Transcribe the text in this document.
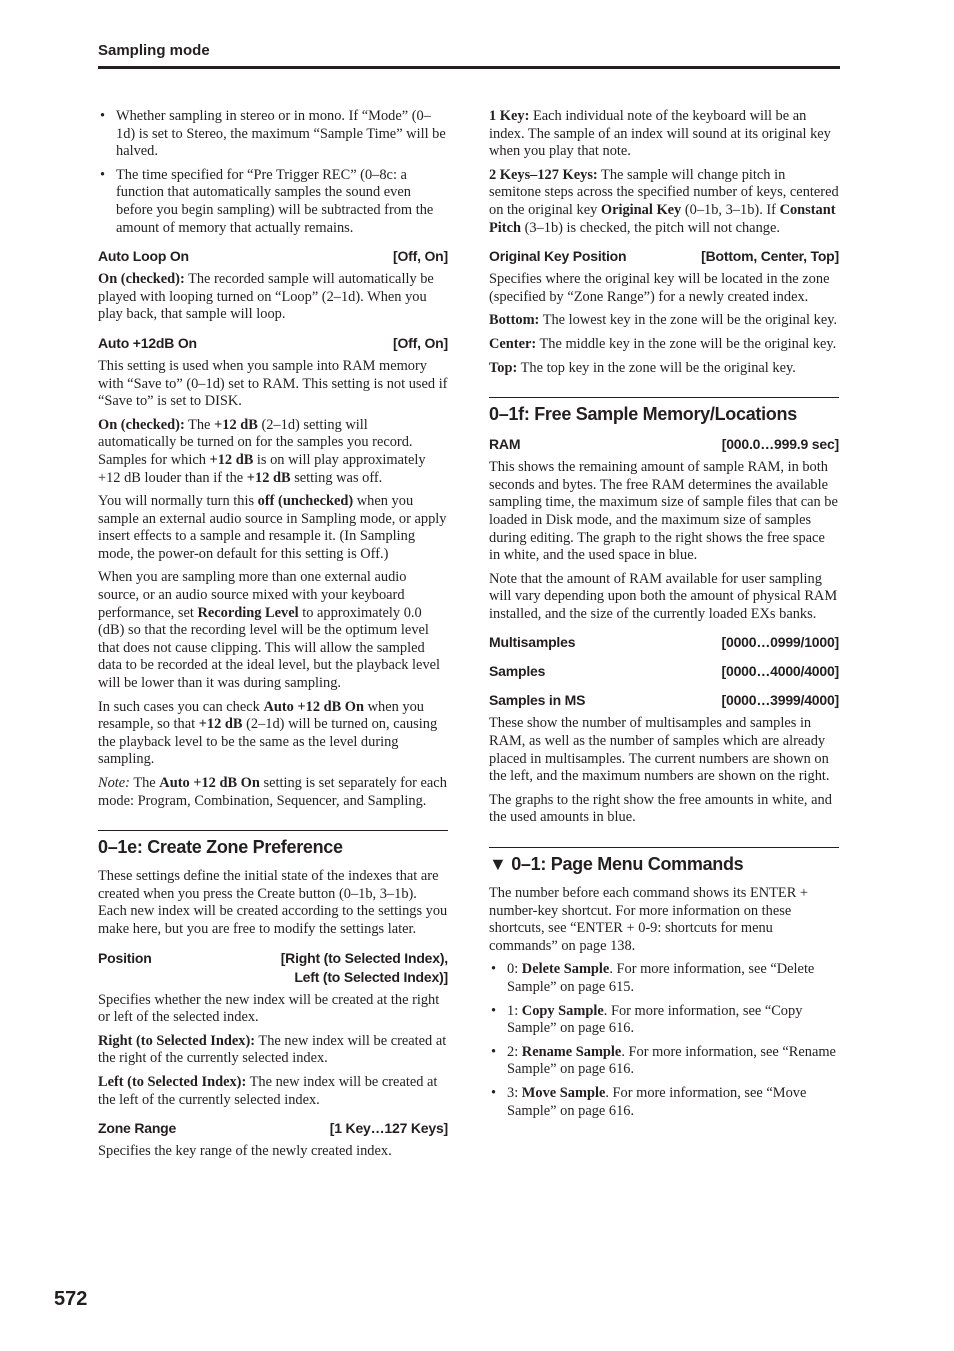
Sampling mode
• Whether sampling in stereo or in mono. If “Mode” (0–1d) is set to Stereo, the maximum “Sample Time” will be halved.
• The time specified for “Pre Trigger REC” (0–8c: a function that automatically samples the sound even before you begin sampling) will be subtracted from the amount of memory that actually remains.
Auto Loop On	[Off, On]

On (checked): The recorded sample will automatically be played with looping turned on “Loop” (2–1d). When you play back, that sample will loop.

Auto +12dB On	[Off, On]

This setting is used when you sample into RAM memory with “Save to” (0–1d) set to RAM. This setting is not used if “Save to” is set to DISK.

On (checked): The +12 dB (2–1d) setting will automatically be turned on for the samples you record. Samples for which +12 dB is on will play approximately +12 dB louder than if the +12 dB setting was off.

You will normally turn this off (unchecked) when you sample an external audio source in Sampling mode, or apply insert effects to a sample and resample it. (In Sampling mode, the power-on default for this setting is Off.)

When you are sampling more than one external audio source, or an audio source mixed with your keyboard performance, set Recording Level to approximately 0.0 (dB) so that the recording level will be the optimum level that does not cause clipping. This will allow the sampled data to be recorded at the ideal level, but the playback level will be lower than it was during sampling.

In such cases you can check Auto +12 dB On when you resample, so that +12 dB (2–1d) will be turned on, causing the playback level to be the same as the level during sampling.

Note: The Auto +12 dB On setting is set separately for each mode: Program, Combination, Sequencer, and Sampling.

0–1e: Create Zone Preference

These settings define the initial state of the indexes that are created when you press the Create button (0–1b, 3–1b). Each new index will be created according to the settings you make here, but you are free to modify the settings later.

Position	[Right (to Selected Index),
Left (to Selected Index)]

Specifies whether the new index will be created at the right or left of the selected index.

Right (to Selected Index): The new index will be created at the right of the currently selected index.

Left (to Selected Index): The new index will be created at the left of the currently selected index.

Zone Range	[1 Key…127 Keys]

Specifies the key range of the newly created index.

1 Key: Each individual note of the keyboard will be an index. The sample of an index will sound at its original key when you play that note.

2 Keys–127 Keys: The sample will change pitch in semitone steps across the specified number of keys, centered on the original key Original Key (0–1b, 3–1b). If Constant Pitch (3–1b) is checked, the pitch will not change.

Original Key Position	[Bottom, Center, Top]

Specifies where the original key will be located in the zone (specified by “Zone Range”) for a newly created index.

Bottom: The lowest key in the zone will be the original key.

Center: The middle key in the zone will be the original key.

Top: The top key in the zone will be the original key.

0–1f: Free Sample Memory/Locations
RAM	[000.0…999.9 sec]

This shows the remaining amount of sample RAM, in both seconds and bytes. The free RAM determines the available sampling time, the maximum size of sample files that can be loaded in Disk mode, and the maximum size of samples during editing. The graph to the right shows the free space in white, and the used space in blue.

Note that the amount of RAM available for user sampling will vary depending upon both the amount of physical RAM installed, and the size of the currently loaded EXs banks.

Multisamples	[0000…0999/1000]
Samples	[0000…4000/4000]
Samples in MS	[0000…3999/4000]

These show the number of multisamples and samples in RAM, as well as the number of samples which are already placed in multisamples. The current numbers are shown on the left, and the maximum numbers are shown on the right.

The graphs to the right show the free amounts in white, and the used amounts in blue.

▼ 0–1: Page Menu Commands

The number before each command shows its ENTER + number-key shortcut. For more information on these shortcuts, see “ENTER + 0-9: shortcuts for menu commands” on page 138.

• 0: Delete Sample. For more information, see “Delete Sample” on page 615.
• 1: Copy Sample. For more information, see “Copy Sample” on page 616.
• 2: Rename Sample. For more information, see “Rename Sample” on page 616.
• 3: Move Sample. For more information, see “Move Sample” on page 616.
572
